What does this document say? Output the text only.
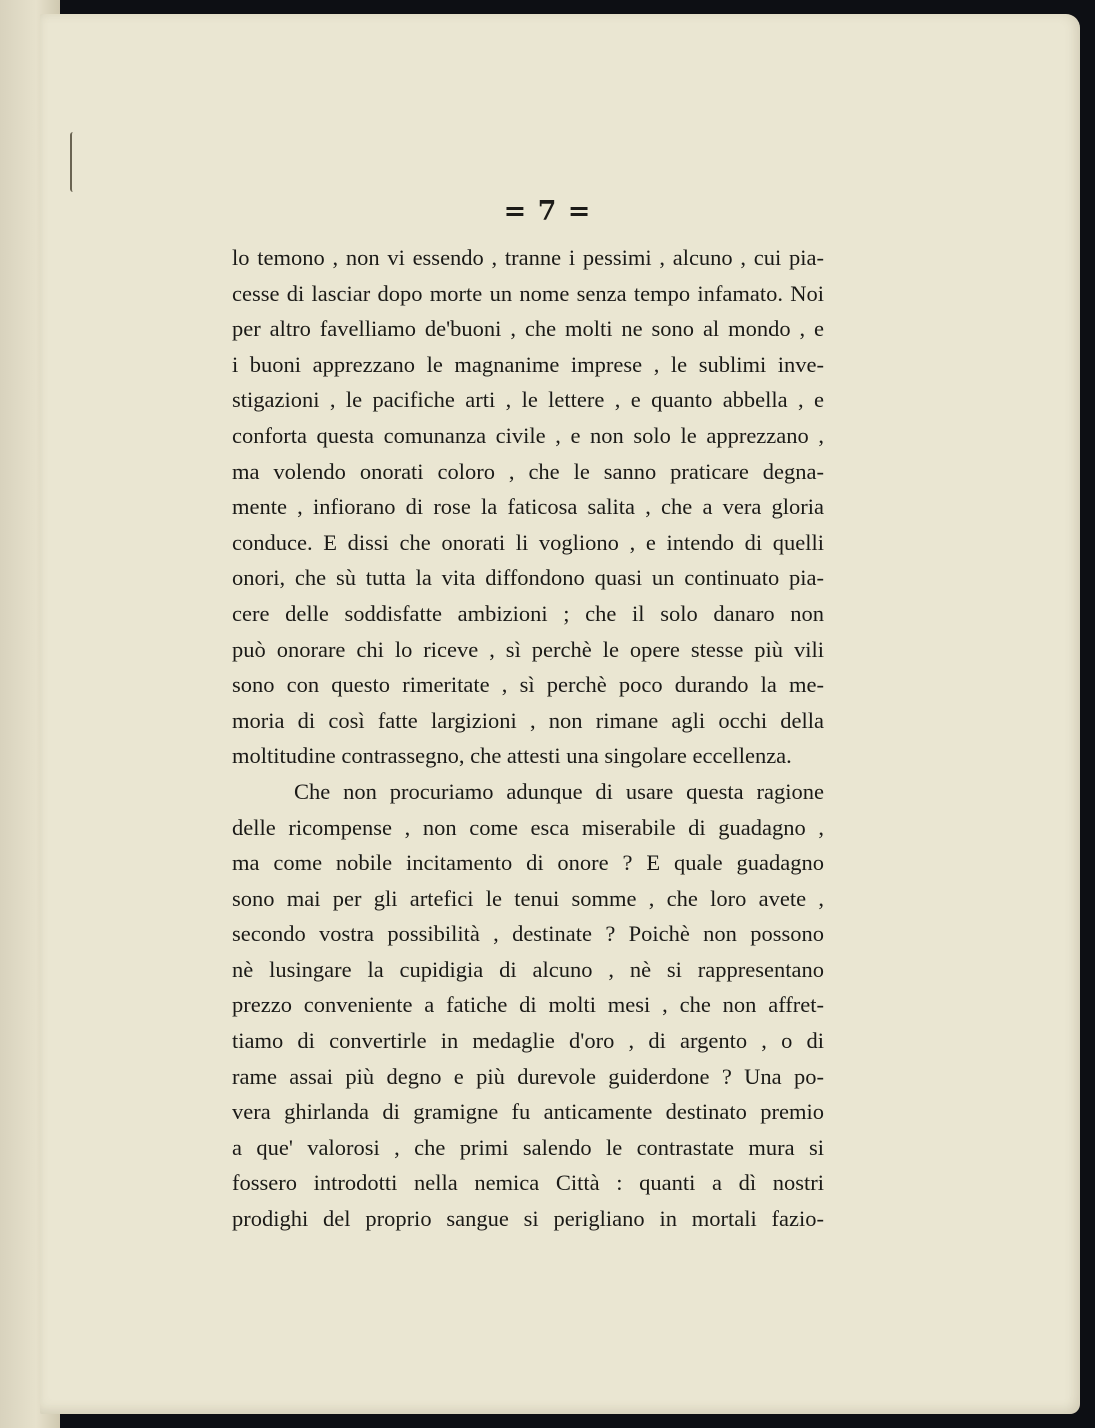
= 7 =
lo temono , non vi essendo , tranne i pessimi , alcuno , cui pia-
cesse di lasciar dopo morte un nome senza tempo infamato. Noi
per altro favelliamo de'buoni , che molti ne sono al mondo , e
i buoni apprezzano le magnanime imprese , le sublimi inve-
stigazioni , le pacifiche arti , le lettere , e quanto abbella , e
conforta questa comunanza civile , e non solo le apprezzano ,
ma volendo onorati coloro , che le sanno praticare degna-
mente , infiorano di rose la faticosa salita , che a vera gloria
conduce. E dissi che onorati li vogliono , e intendo di quelli
onori, che sù tutta la vita diffondono quasi un continuato pia-
cere delle soddisfatte ambizioni ; che il solo danaro non
può onorare chi lo riceve , sì perchè le opere stesse più vili
sono con questo rimeritate , sì perchè poco durando la me-
moria di così fatte largizioni , non rimane agli occhi della
moltitudine contrassegno, che attesti una singolare eccellenza.
Che non procuriamo adunque di usare questa ragione
delle ricompense , non come esca miserabile di guadagno ,
ma come nobile incitamento di onore ? E quale guadagno
sono mai per gli artefici le tenui somme , che loro avete ,
secondo vostra possibilità , destinate ? Poichè non possono
nè lusingare la cupidigia di alcuno , nè si rappresentano
prezzo conveniente a fatiche di molti mesi , che non affret-
tiamo di convertirle in medaglie d'oro , di argento , o di
rame assai più degno e più durevole guiderdone ? Una po-
vera ghirlanda di gramigne fu anticamente destinato premio
a que' valorosi , che primi salendo le contrastate mura si
fossero introdotti nella nemica Città : quanti a dì nostri
prodighi del proprio sangue si perigliano in mortali fazio-
